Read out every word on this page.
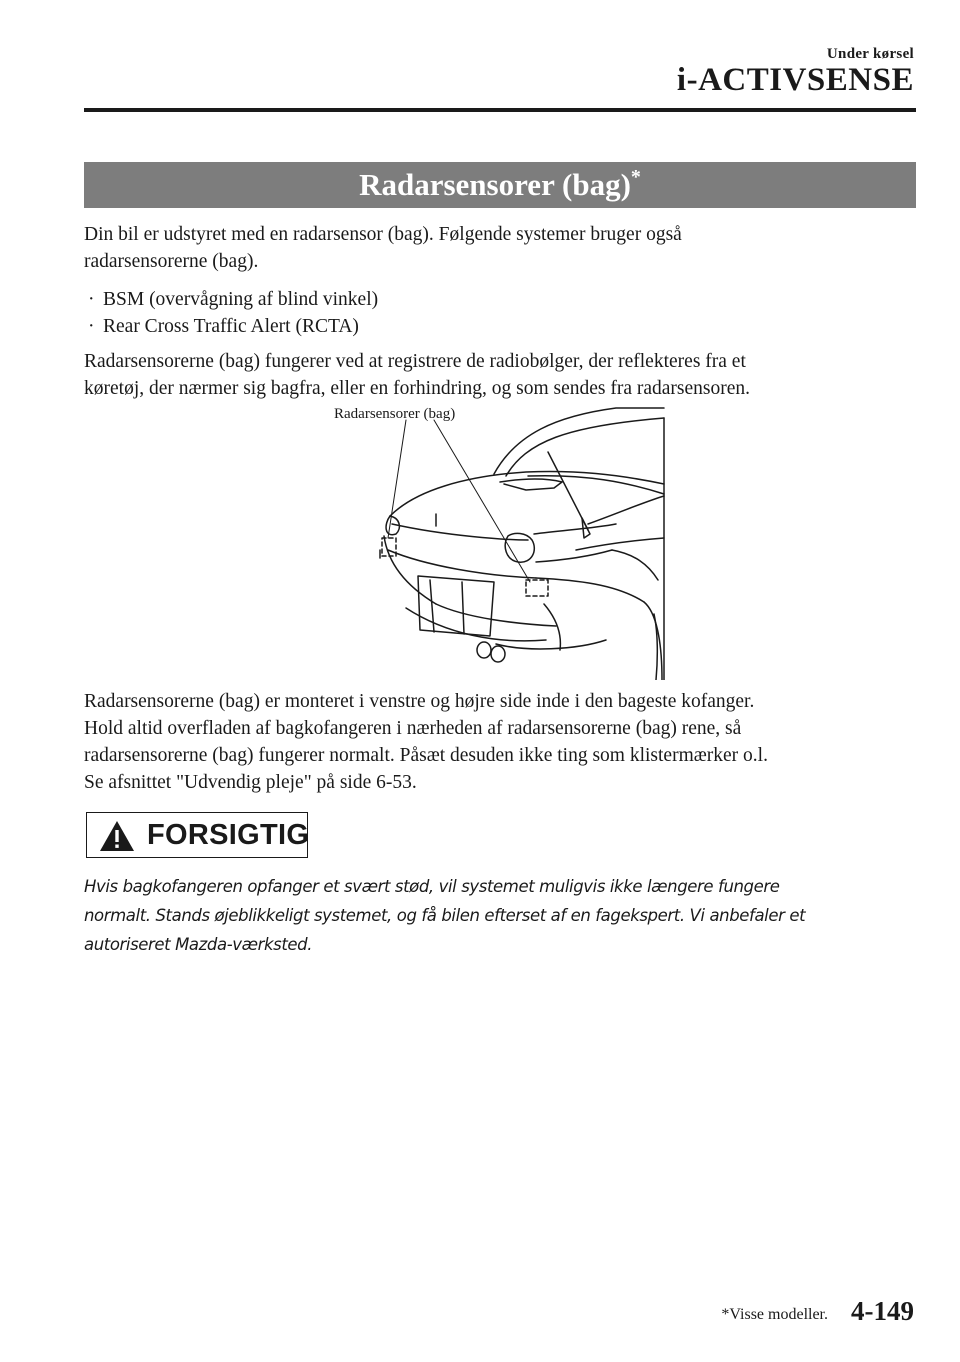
Under kørsel
i-ACTIVSENSE
Radarsensorer (bag)*
Din bil er udstyret med en radarsensor (bag). Følgende systemer bruger også
radarsensorerne (bag).
· BSM (overvågning af blind vinkel)
· Rear Cross Traffic Alert (RCTA)
Radarsensorerne (bag) fungerer ved at registrere de radiobølger, der reflekteres fra et
køretøj, der nærmer sig bagfra, eller en forhindring, og som sendes fra radarsensoren.
Radarsensorer (bag)
Radarsensorerne (bag) er monteret i venstre og højre side inde i den bageste kofanger.
Hold altid overfladen af bagkofangeren i nærheden af radarsensorerne (bag) rene, så
radarsensorerne (bag) fungerer normalt. Påsæt desuden ikke ting som klistermærker o.l.
Se afsnittet "Udvendig pleje" på side 6-53.
FORSIGTIG
Hvis bagkofangeren opfanger et svært stød, vil systemet muligvis ikke længere fungere
normalt. Stands øjeblikkeligt systemet, og få bilen efterset af en fagekspert. Vi anbefaler et
autoriseret Mazda-værksted.
*Visse modeller. 4-149
